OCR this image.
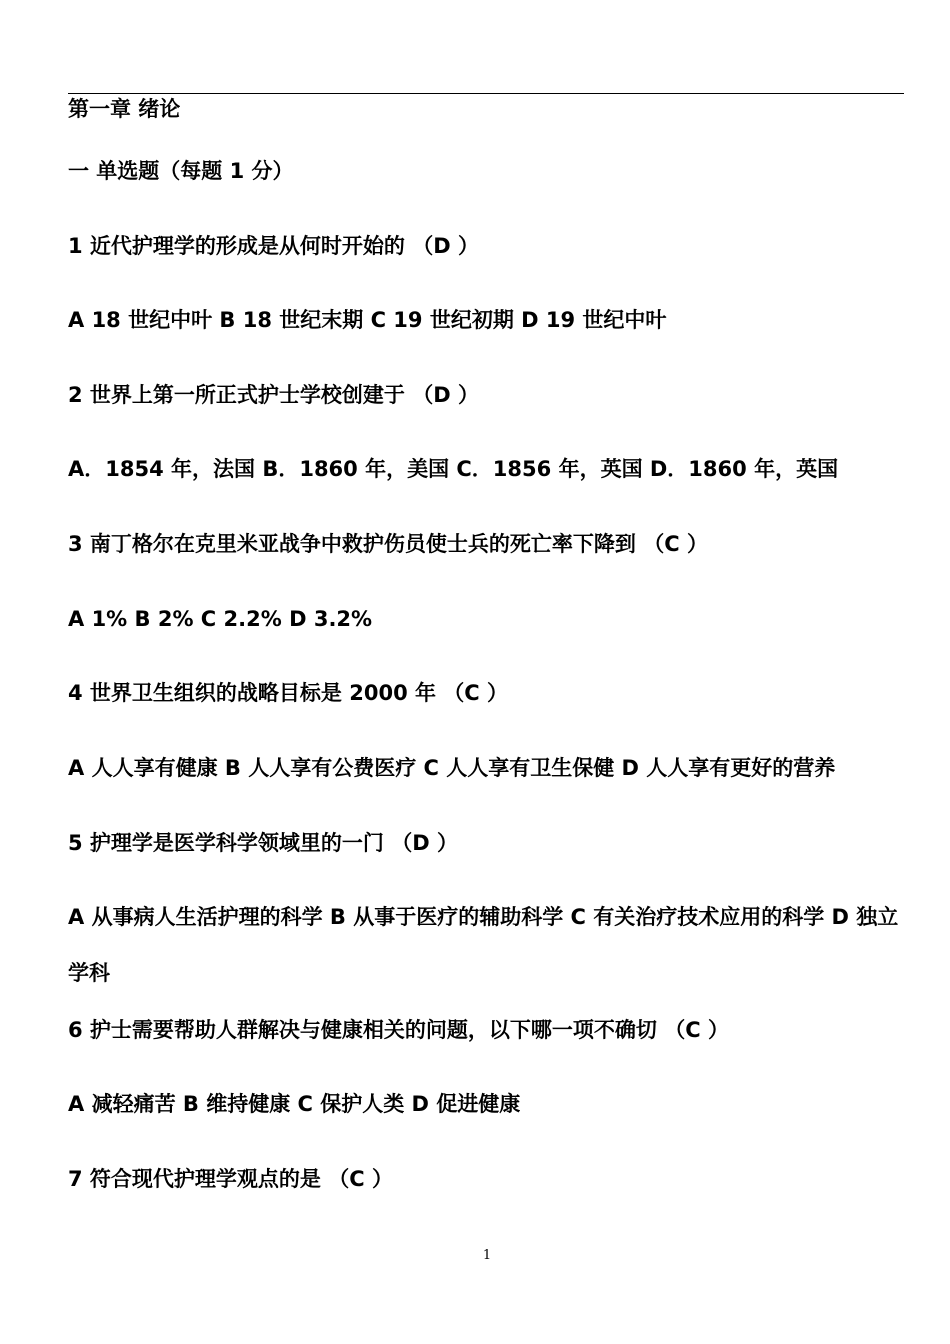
第一章 绪论
一 单选题（每题 1 分）
1 近代护理学的形成是从何时开始的 （D ）
A 18 世纪中叶 B 18 世纪末期 C 19 世纪初期 D 19 世纪中叶
2 世界上第一所正式护士学校创建于 （D ）
A．1854 年，法国 B．1860 年，美国 C．1856 年，英国 D．1860 年，英国
3 南丁格尔在克里米亚战争中救护伤员使士兵的死亡率下降到 （C ）
A 1% B 2% C 2.2% D 3.2%
4 世界卫生组织的战略目标是 2000 年 （C ）
A 人人享有健康 B 人人享有公费医疗 C 人人享有卫生保健 D 人人享有更好的营养
5 护理学是医学科学领域里的一门 （D ）
A 从事病人生活护理的科学 B 从事于医疗的辅助科学 C 有关治疗技术应用的科学 D 独立学科
6 护士需要帮助人群解决与健康相关的问题，以下哪一项不确切 （C ）
A 减轻痛苦 B 维持健康 C 保护人类 D 促进健康
7 符合现代护理学观点的是 （C ）
1
